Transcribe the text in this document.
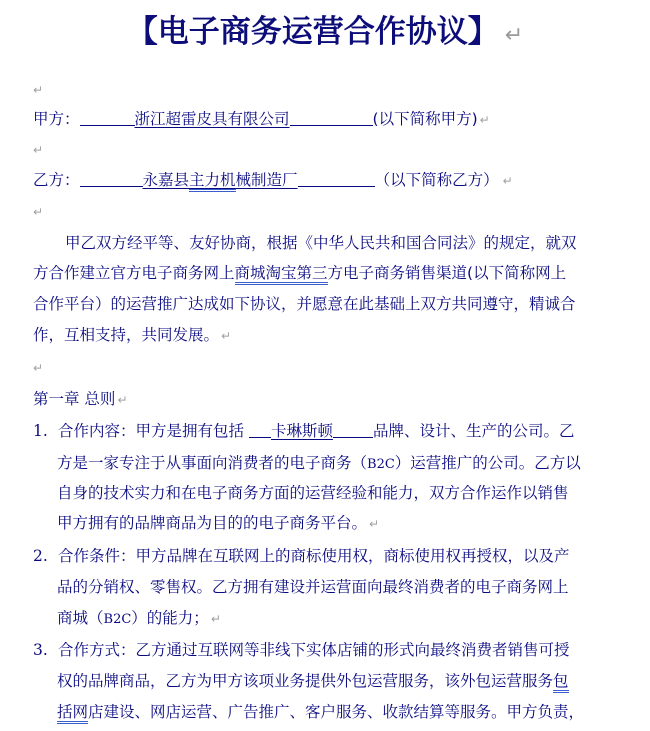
【电子商务运营合作协议】 ↵
↵
甲方：	浙江超雷皮具有限公司	(以下简称甲方) ↵
↵
乙方：	永嘉县主力机械制造厂	（以下简称乙方） ↵
↵
甲乙双方经平等、友好协商，根据《中华人民共和国合同法》的规定，就双
方合作建立官方电子商务网上商城淘宝第三方电子商务销售渠道(以下简称网上
合作平台）的运营推广达成如下协议，并愿意在此基础上双方共同遵守，精诚合
作，互相支持，共同发展。 ↵
↵
第一章 总则 ↵
1. 合作内容：甲方是拥有包括 卡琳斯顿	品牌、设计、生产的公司。乙
方是一家专注于从事面向消费者的电子商务（B2C）运营推广的公司。乙方以
自身的技术实力和在电子商务方面的运营经验和能力，双方合作运作以销售
甲方拥有的品牌商品为目的的电子商务平台。 ↵
2. 合作条件：甲方品牌在互联网上的商标使用权，商标使用权再授权，以及产
品的分销权、零售权。乙方拥有建设并运营面向最终消费者的电子商务网上
商城（B2C）的能力； ↵
3. 合作方式：乙方通过互联网等非线下实体店铺的形式向最终消费者销售可授
权的品牌商品，乙方为甲方该项业务提供外包运营服务，该外包运营服务包
括网店建设、网店运营、广告推广、客户服务、收款结算等服务。甲方负责，
